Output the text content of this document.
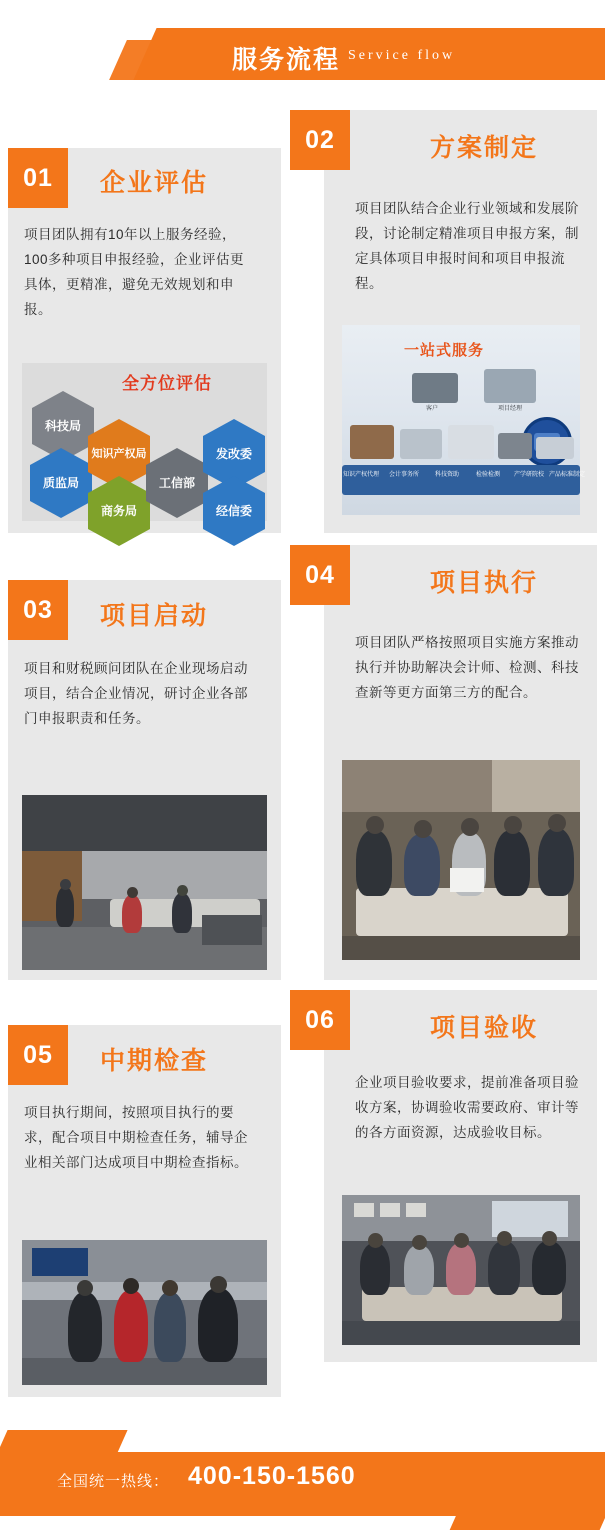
服务流程 Service flow
全方位评估
科技局
质监局
知识产权局
商务局
工信部
发改委
经信委
01	企业评估
项目团队拥有10年以上服务经验，100多种项目申报经验，企业评估更具体，更精准，避免无效规划和申报。
一站式服务
客户	项目经理
知识产权代理	会计事务所	科技资助	检验检测	产学研院校 产品标准制定
02	方案制定
项目团队结合企业行业领域和发展阶段，讨论制定精准项目申报方案，制定具体项目申报时间和项目申报流程。
03	项目启动
项目和财税顾问团队在企业现场启动项目，结合企业情况，研讨企业各部门申报职责和任务。
04	项目执行
项目团队严格按照项目实施方案推动执行并协助解决会计师、检测、科技查新等更方面第三方的配合。
05	中期检查
项目执行期间，按照项目执行的要求，配合项目中期检查任务，辅导企业相关部门达成项目中期检查指标。
06	项目验收
企业项目验收要求，提前准备项目验收方案，协调验收需要政府、审计等的各方面资源，达成验收目标。
全国统一热线： 400-150-1560
